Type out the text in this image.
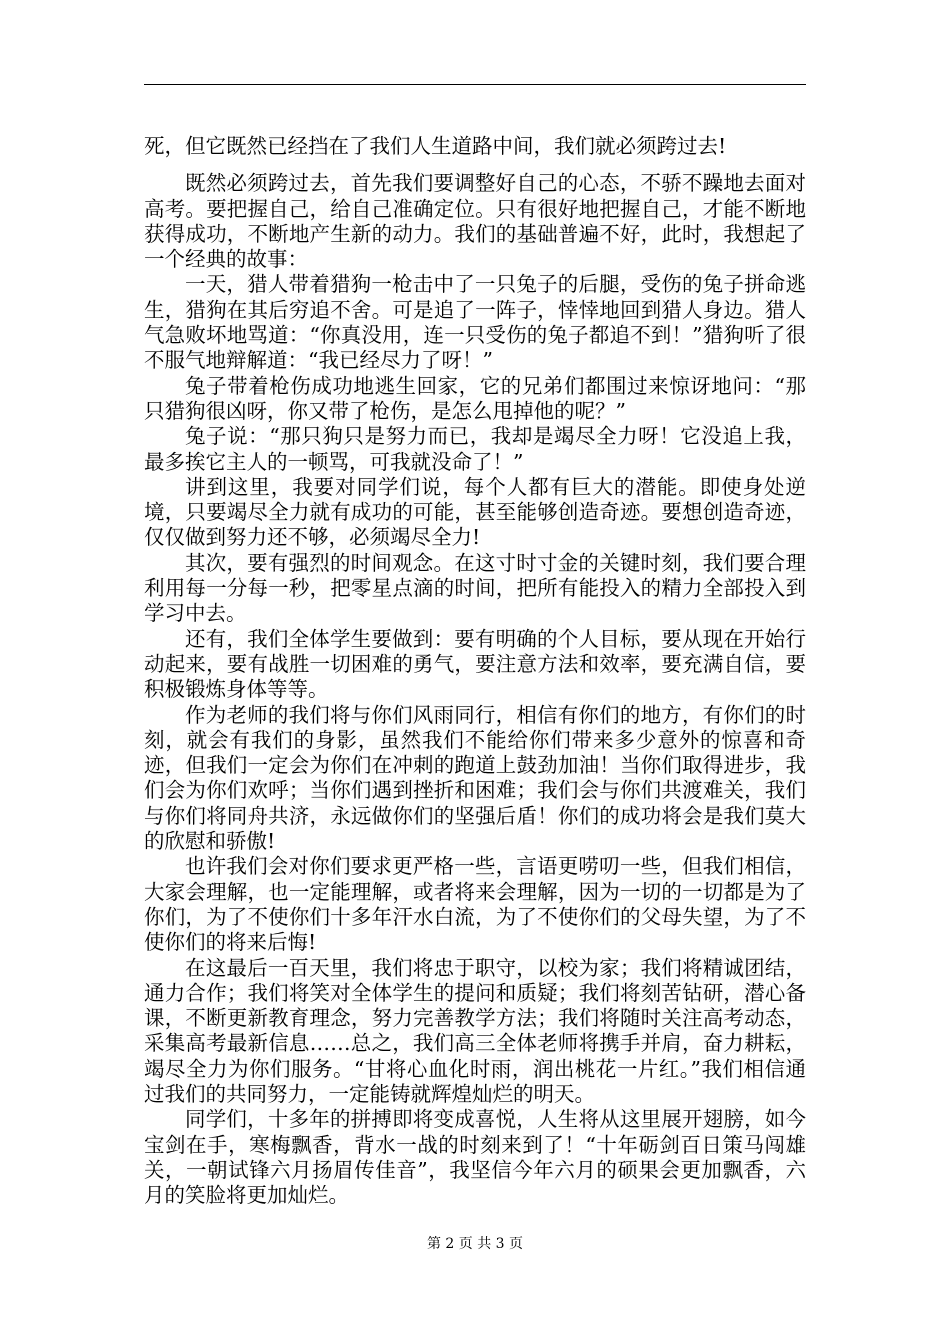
死，但它既然已经挡在了我们人生道路中间，我们就必须跨过去!

既然必须跨过去，首先我们要调整好自己的心态，不骄不躁地去面对高考。要把握自己，给自己准确定位。只有很好地把握自己，才能不断地获得成功，不断地产生新的动力。我们的基础普遍不好，此时，我想起了一个经典的故事：

一天，猎人带着猎狗一枪击中了一只兔子的后腿，受伤的兔子拼命逃生，猎狗在其后穷追不舍。可是追了一阵子，悻悻地回到猎人身边。猎人气急败坏地骂道：“你真没用，连一只受伤的兔子都追不到！”猎狗听了很不服气地辩解道：“我已经尽力了呀！”

兔子带着枪伤成功地逃生回家，它的兄弟们都围过来惊讶地问：“那只猎狗很凶呀，你又带了枪伤，是怎么甩掉他的呢？”

兔子说：“那只狗只是努力而已，我却是竭尽全力呀！它没追上我，最多挨它主人的一顿骂，可我就没命了！”

讲到这里，我要对同学们说，每个人都有巨大的潜能。即使身处逆境，只要竭尽全力就有成功的可能，甚至能够创造奇迹。要想创造奇迹，仅仅做到努力还不够，必须竭尽全力!

其次，要有强烈的时间观念。在这寸时寸金的关键时刻，我们要合理利用每一分每一秒，把零星点滴的时间，把所有能投入的精力全部投入到学习中去。

还有，我们全体学生要做到：要有明确的个人目标，要从现在开始行动起来，要有战胜一切困难的勇气，要注意方法和效率，要充满自信，要积极锻炼身体等等。

作为老师的我们将与你们风雨同行，相信有你们的地方，有你们的时刻，就会有我们的身影，虽然我们不能给你们带来多少意外的惊喜和奇迹，但我们一定会为你们在冲刺的跑道上鼓劲加油！当你们取得进步，我们会为你们欢呼；当你们遇到挫折和困难；我们会与你们共渡难关，我们与你们将同舟共济，永远做你们的坚强后盾！你们的成功将会是我们莫大的欣慰和骄傲!

也许我们会对你们要求更严格一些，言语更唠叨一些，但我们相信，大家会理解，也一定能理解，或者将来会理解，因为一切的一切都是为了你们，为了不使你们十多年汗水白流，为了不使你们的父母失望，为了不使你们的将来后悔!

在这最后一百天里，我们将忠于职守，以校为家；我们将精诚团结，通力合作；我们将笑对全体学生的提问和质疑；我们将刻苦钻研，潜心备课，不断更新教育理念，努力完善教学方法；我们将随时关注高考动态，采集高考最新信息……总之，我们高三全体老师将携手并肩，奋力耕耘，竭尽全力为你们服务。“甘将心血化时雨，润出桃花一片红。”我们相信通过我们的共同努力，一定能铸就辉煌灿烂的明天。

同学们，十多年的拼搏即将变成喜悦，人生将从这里展开翅膀，如今宝剑在手，寒梅飘香，背水一战的时刻来到了！“十年砺剑百日策马闯雄关，一朝试锋六月扬眉传佳音”，我坚信今年六月的硕果会更加飘香，六月的笑脸将更加灿烂。

第 2 页 共 3 页
